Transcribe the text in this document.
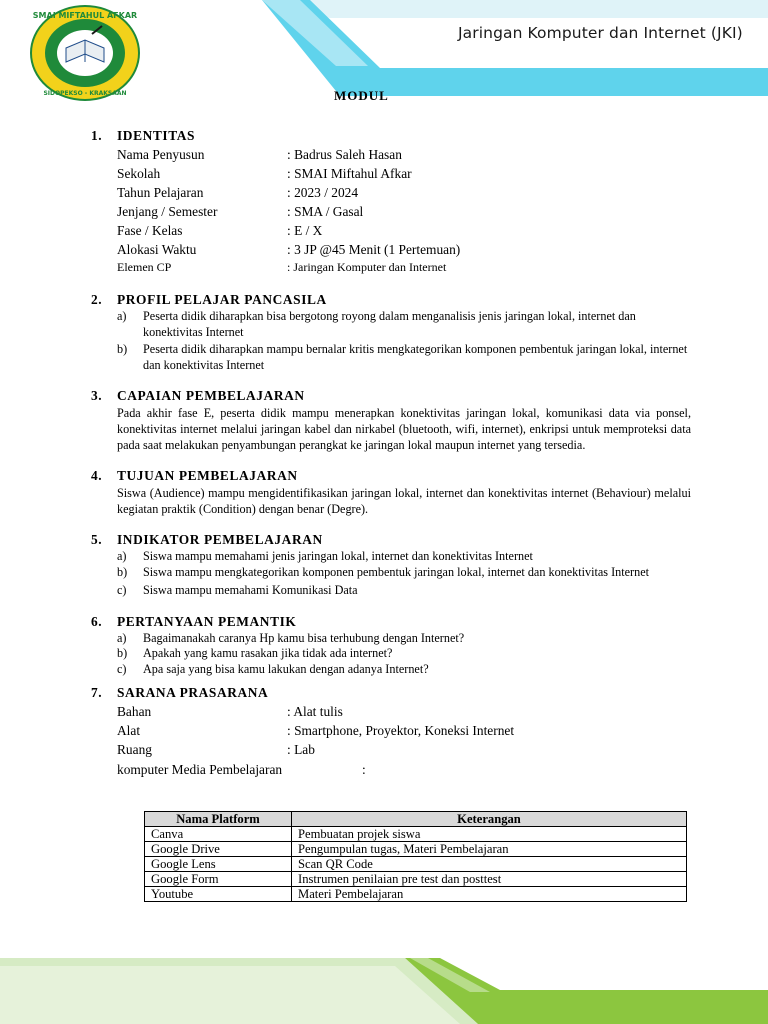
Jaringan Komputer dan Internet (JKI)
SMAI MIFTAHUL AFKAR
SIDOPEKSO - KRAKSAAN	MODUL
1.	IDENTITAS
Nama Penyusun	: Badrus Saleh Hasan
Sekolah	: SMAI Miftahul Afkar
Tahun Pelajaran	: 2023 / 2024
Jenjang / Semester	: SMA / Gasal
Fase / Kelas	: E / X
Alokasi Waktu	: 3 JP @45 Menit (1 Pertemuan)
Elemen CP	: Jaringan Komputer dan Internet
2.	PROFIL PELAJAR PANCASILA
a)	Peserta didik diharapkan bisa bergotong royong dalam menganalisis jenis jaringan lokal, internet dan konektivitas Internet
b)	Peserta didik diharapkan mampu bernalar kritis mengkategorikan komponen pembentuk jaringan lokal, internet dan konektivitas Internet
3.	CAPAIAN PEMBELAJARAN
Pada akhir fase E, peserta didik mampu menerapkan konektivitas jaringan lokal, komunikasi data via ponsel, konektivitas internet melalui jaringan kabel dan nirkabel (bluetooth, wifi, internet), enkripsi untuk memproteksi data pada saat melakukan penyambungan perangkat ke jaringan lokal maupun internet yang tersedia.
4.	TUJUAN PEMBELAJARAN
Siswa (Audience) mampu mengidentifikasikan jaringan lokal, internet dan konektivitas internet (Behaviour) melalui kegiatan praktik (Condition) dengan benar (Degre).
5.	INDIKATOR PEMBELAJARAN
a)	Siswa mampu memahami jenis jaringan lokal, internet dan konektivitas Internet
b)	Siswa mampu mengkategorikan komponen pembentuk jaringan lokal, internet dan konektivitas Internet
c)	Siswa mampu memahami Komunikasi Data
6.	PERTANYAAN PEMANTIK
a)	Bagaimanakah caranya Hp kamu bisa terhubung dengan Internet?
b)	Apakah yang kamu rasakan jika tidak ada internet?
c)	Apa saja yang bisa kamu lakukan dengan adanya Internet?
7.	SARANA PRASARANA
Bahan	: Alat tulis
Alat	: Smartphone, Proyektor, Koneksi Internet
Ruang	: Lab
komputer Media Pembelajaran	:
Nama Platform	Keterangan
Canva	Pembuatan projek siswa
Google Drive	Pengumpulan tugas, Materi Pembelajaran
Google Lens	Scan QR Code
Google Form	Instrumen penilaian pre test dan posttest
Youtube	Materi Pembelajaran
